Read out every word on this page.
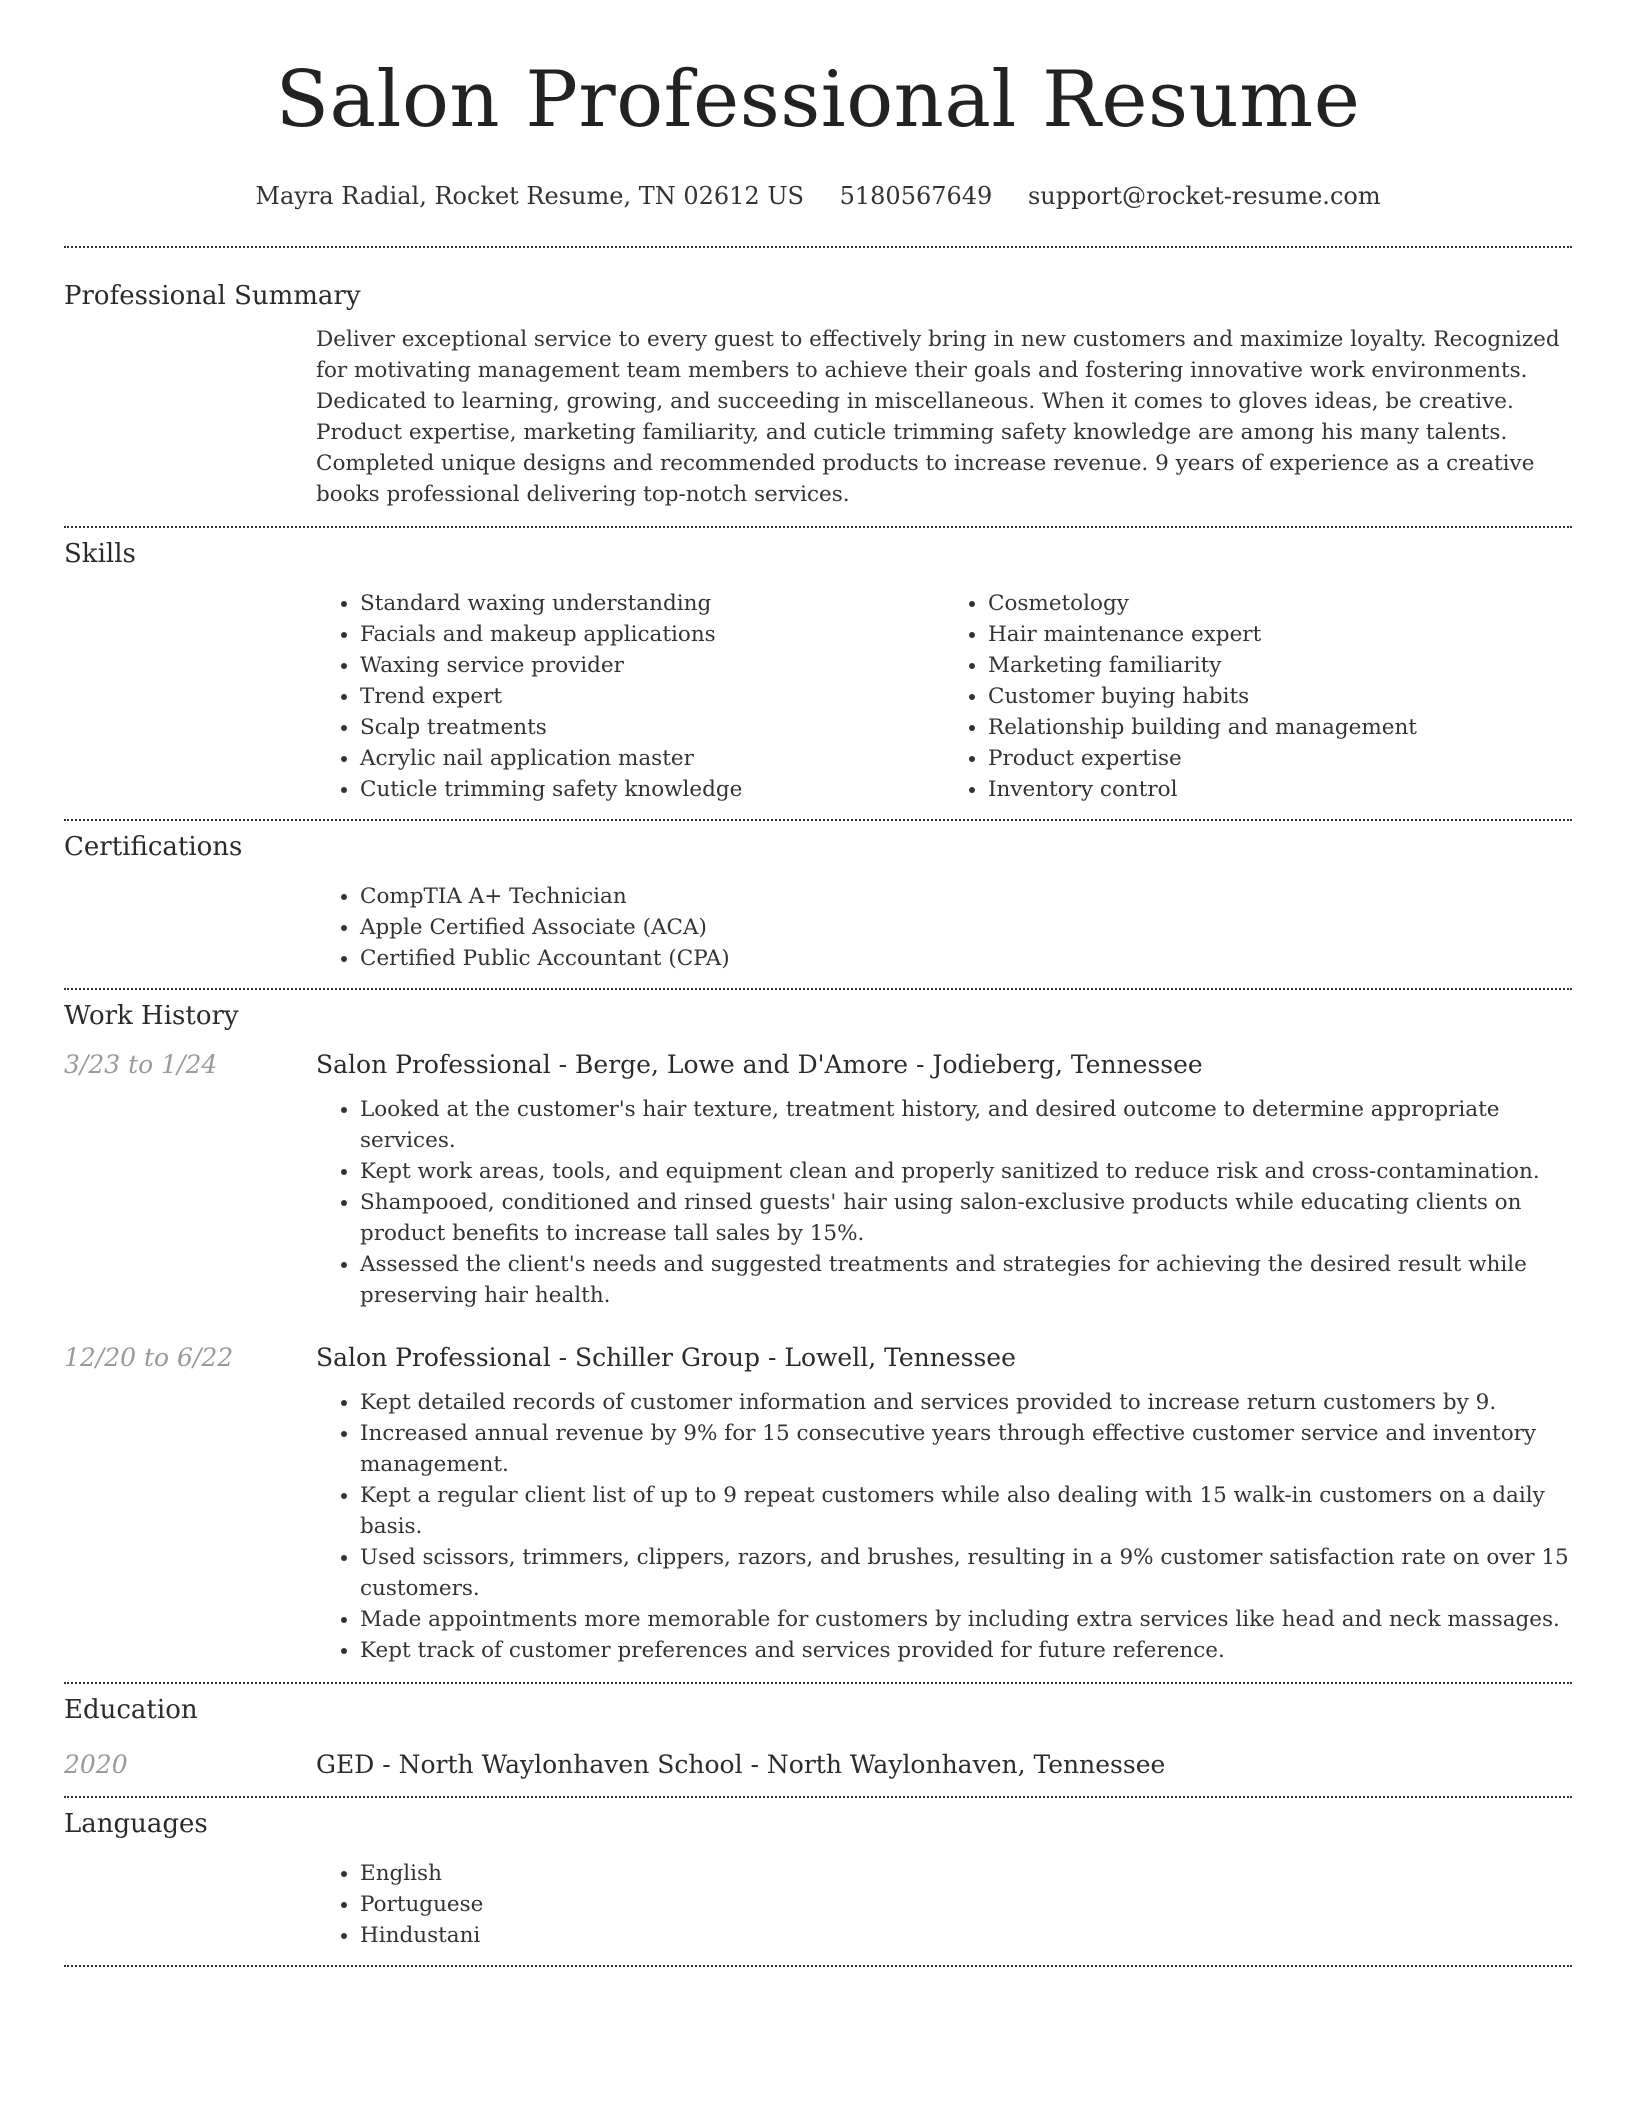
Salon Professional Resume
Mayra Radial, Rocket Resume, TN 02612 US 5180567649 support@rocket-resume.com
Professional Summary
Deliver exceptional service to every guest to effectively bring in new customers and maximize loyalty. Recognized for motivating management team members to achieve their goals and fostering innovative work environments. Dedicated to learning, growing, and succeeding in miscellaneous. When it comes to gloves ideas, be creative. Product expertise, marketing familiarity, and cuticle trimming safety knowledge are among his many talents. Completed unique designs and recommended products to increase revenue. 9 years of experience as a creative books professional delivering top-notch services.
Skills
• Standard waxing understanding
• Facials and makeup applications
• Waxing service provider
• Trend expert
• Scalp treatments
• Acrylic nail application master
• Cuticle trimming safety knowledge
• Cosmetology
• Hair maintenance expert
• Marketing familiarity
• Customer buying habits
• Relationship building and management
• Product expertise
• Inventory control
Certifications
• CompTIA A+ Technician
• Apple Certified Associate (ACA)
• Certified Public Accountant (CPA)
Work History
3/23 to 1/24	Salon Professional - Berge, Lowe and D'Amore - Jodieberg, Tennessee
• Looked at the customer's hair texture, treatment history, and desired outcome to determine appropriate services.
• Kept work areas, tools, and equipment clean and properly sanitized to reduce risk and cross-contamination.
• Shampooed, conditioned and rinsed guests' hair using salon-exclusive products while educating clients on product benefits to increase tall sales by 15%.
• Assessed the client's needs and suggested treatments and strategies for achieving the desired result while preserving hair health.
12/20 to 6/22	Salon Professional - Schiller Group - Lowell, Tennessee
• Kept detailed records of customer information and services provided to increase return customers by 9.
• Increased annual revenue by 9% for 15 consecutive years through effective customer service and inventory management.
• Kept a regular client list of up to 9 repeat customers while also dealing with 15 walk-in customers on a daily basis.
• Used scissors, trimmers, clippers, razors, and brushes, resulting in a 9% customer satisfaction rate on over 15 customers.
• Made appointments more memorable for customers by including extra services like head and neck massages.
• Kept track of customer preferences and services provided for future reference.
Education
2020	GED - North Waylonhaven School - North Waylonhaven, Tennessee
Languages
• English
• Portuguese
• Hindustani
